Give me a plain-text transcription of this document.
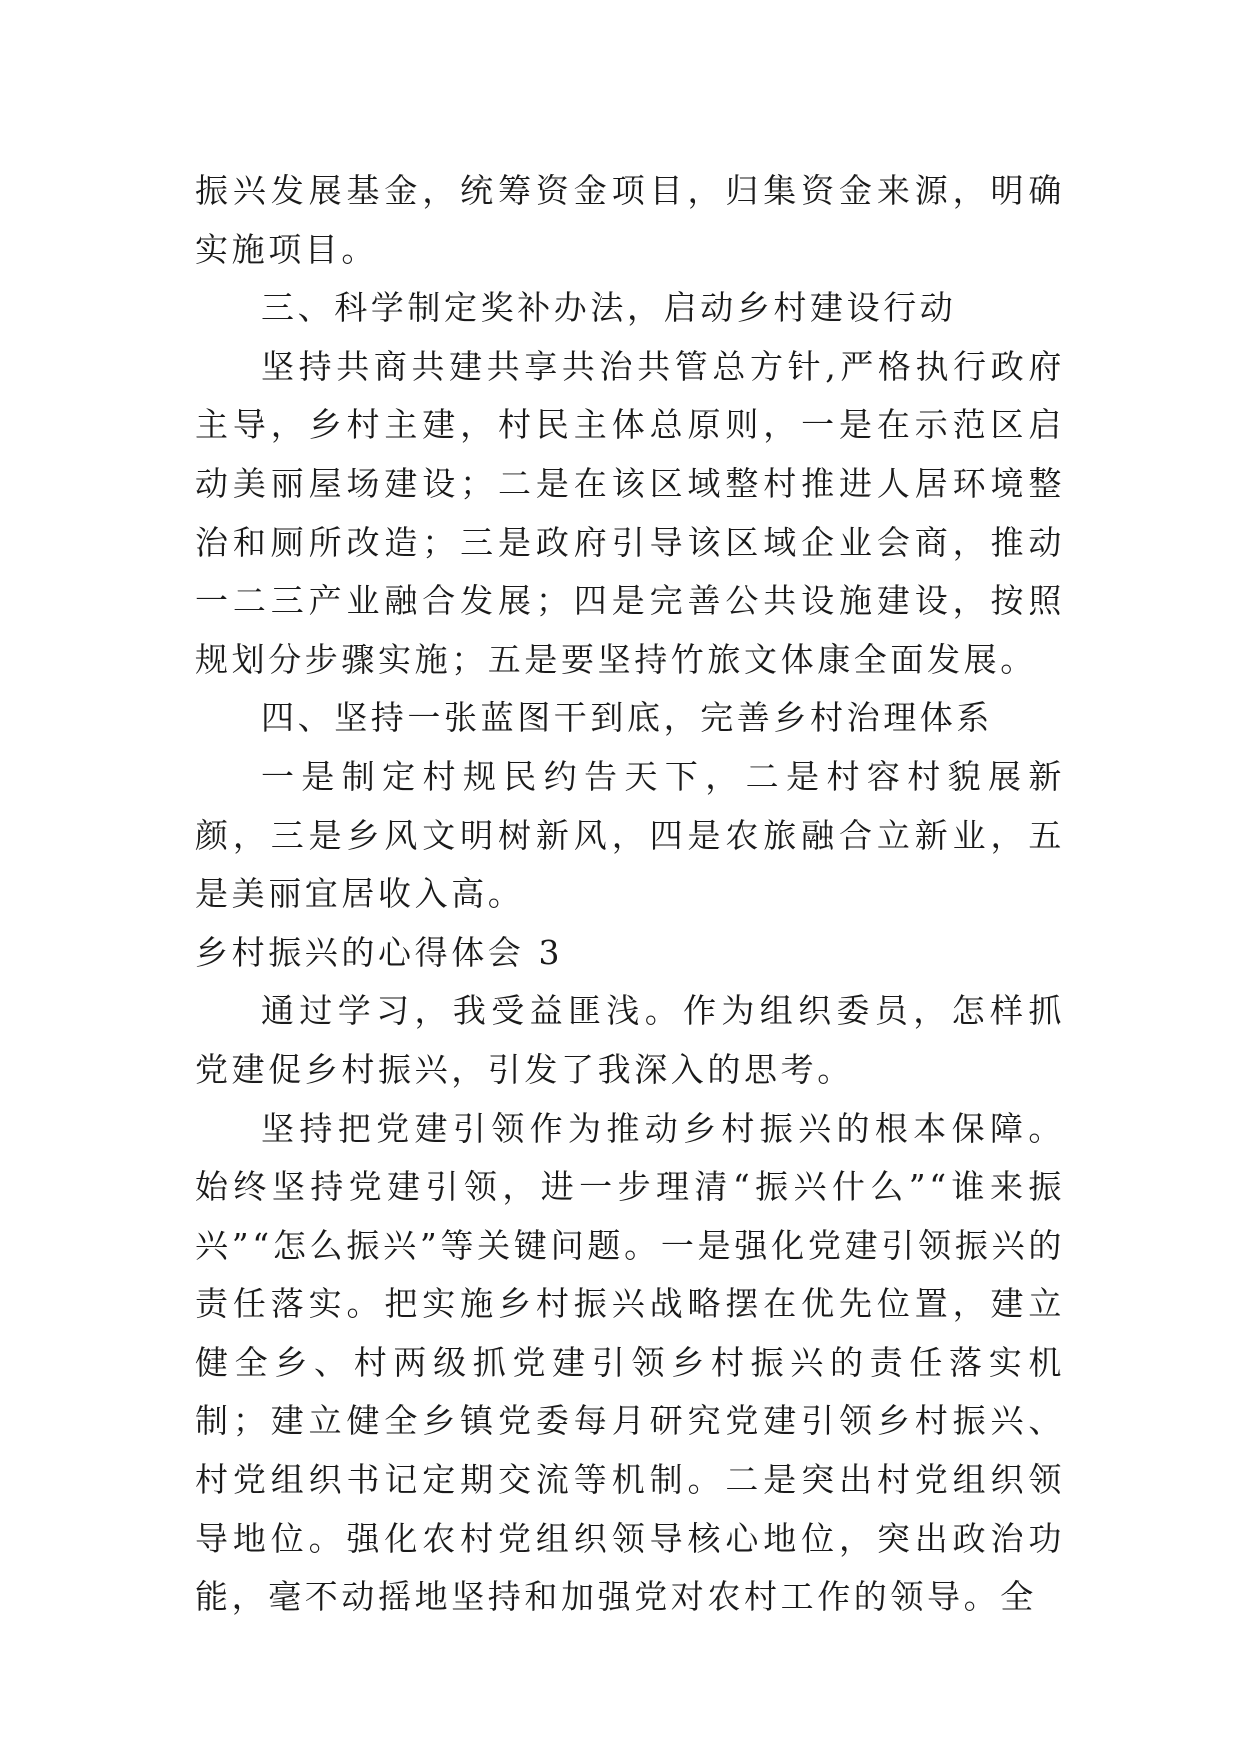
振兴发展基金，统筹资金项目，归集资金来源，明确实施项目。

三、科学制定奖补办法，启动乡村建设行动

坚持共商共建共享共治共管总方针,严格执行政府主导，乡村主建，村民主体总原则，一是在示范区启动美丽屋场建设；二是在该区域整村推进人居环境整治和厕所改造；三是政府引导该区域企业会商，推动一二三产业融合发展；四是完善公共设施建设，按照规划分步骤实施；五是要坚持竹旅文体康全面发展。

四、坚持一张蓝图干到底，完善乡村治理体系

一是制定村规民约告天下，二是村容村貌展新颜，三是乡风文明树新风，四是农旅融合立新业，五是美丽宜居收入高。

乡村振兴的心得体会 3

通过学习，我受益匪浅。作为组织委员，怎样抓党建促乡村振兴，引发了我深入的思考。

坚持把党建引领作为推动乡村振兴的根本保障。始终坚持党建引领，进一步理清“振兴什么”“谁来振兴”“怎么振兴”等关键问题。一是强化党建引领振兴的责任落实。把实施乡村振兴战略摆在优先位置，建立健全乡、村两级抓党建引领乡村振兴的责任落实机制；建立健全乡镇党委每月研究党建引领乡村振兴、村党组织书记定期交流等机制。二是突出村党组织领导地位。强化农村党组织领导核心地位，突出政治功能，毫不动摇地坚持和加强党对农村工作的领导。全
